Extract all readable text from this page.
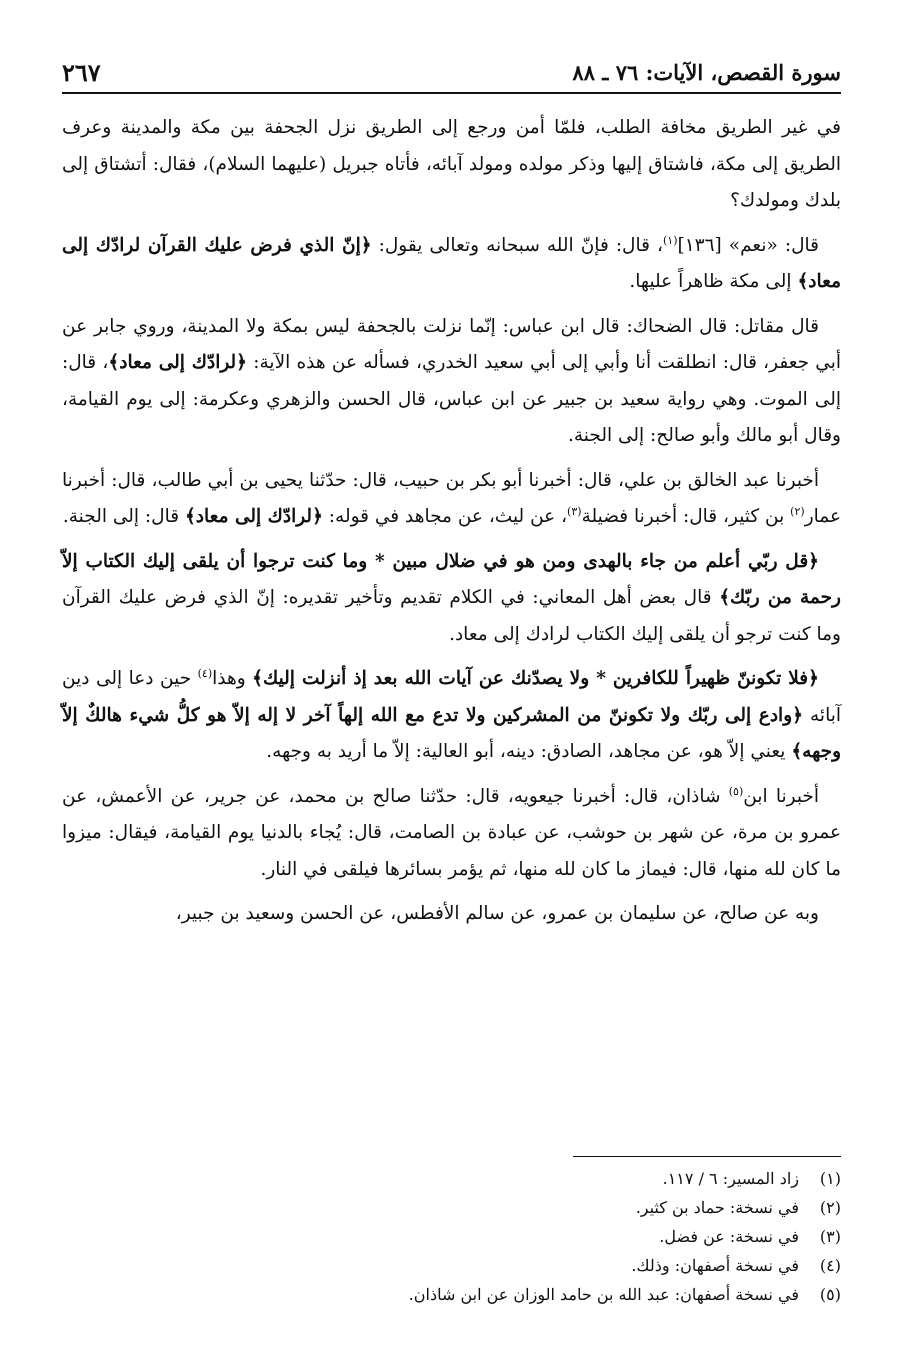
سورة القصص، الآيات: ٧٦ ـ ٨٨
٢٦٧

في غير الطريق مخافة الطلب، فلمّا أمن ورجع إلى الطريق نزل الجحفة بين مكة والمدينة وعرف الطريق إلى مكة، فاشتاق إليها وذكر مولده ومولد آبائه، فأتاه جبريل (عليهما السلام)، فقال: أتشتاق إلى بلدك ومولدك؟

قال: «نعم» [١٣٦]$^{(١)}$، قال: فإنّ الله سبحانه وتعالى يقول: ﴿إنّ الذي فرض عليك القرآن لرادّك إلى معاد﴾ إلى مكة ظاهراً عليها.

قال مقاتل: قال الضحاك: قال ابن عباس: إنّما نزلت بالجحفة ليس بمكة ولا المدينة، وروي جابر عن أبي جعفر، قال: انطلقت أنا وأبي إلى أبي سعيد الخدري، فسأله عن هذه الآية: ﴿لرادّك إلى معاد﴾، قال: إلى الموت. وهي رواية سعيد بن جبير عن ابن عباس، قال الحسن والزهري وعكرمة: إلى يوم القيامة، وقال أبو مالك وأبو صالح: إلى الجنة.

أخبرنا عبد الخالق بن علي، قال: أخبرنا أبو بكر بن حبيب، قال: حدّثنا يحيى بن أبي طالب، قال: أخبرنا عمار$^{(٢)}$ بن كثير، قال: أخبرنا فضيلة$^{(٣)}$، عن ليث، عن مجاهد في قوله: ﴿لرادّك إلى معاد﴾ قال: إلى الجنة.

﴿قل ربّي أعلم من جاء بالهدى ومن هو في ضلال مبين * وما كنت ترجوا أن يلقى إليك الكتاب إلاّ رحمة من ربّك﴾ قال بعض أهل المعاني: في الكلام تقديم وتأخير تقديره: إنّ الذي فرض عليك القرآن وما كنت ترجو أن يلقى إليك الكتاب لرادك إلى معاد.

﴿فلا تكوننّ ظهيراً للكافرين * ولا يصدّنك عن آيات الله بعد إذ أنزلت إليك﴾ وهذا$^{(٤)}$ حين دعا إلى دين آبائه ﴿وادع إلى ربّك ولا تكوننّ من المشركين ولا تدع مع الله إلهاً آخر لا إله إلاّ هو كلُّ شيء هالكٌ إلاّ وجهه﴾ يعني إلاّ هو، عن مجاهد، الصادق: دينه، أبو العالية: إلاّ ما أريد به وجهه.

أخبرنا ابن$^{(٥)}$ شاذان، قال: أخبرنا جيعويه، قال: حدّثنا صالح بن محمد، عن جرير، عن الأعمش، عن عمرو بن مرة، عن شهر بن حوشب، عن عبادة بن الصامت، قال: يُجاء بالدنيا يوم القيامة، فيقال: ميزوا ما كان لله منها، قال: فيماز ما كان لله منها، ثم يؤمر بسائرها فيلقى في النار.

وبه عن صالح، عن سليمان بن عمرو، عن سالم الأفطس، عن الحسن وسعيد بن جبير،

(١)
زاد المسير: ٦ / ١١٧.
(٢)
في نسخة: حماد بن كثير.
(٣)
في نسخة: عن فضل.
(٤)
في نسخة أصفهان: وذلك.
(٥)
في نسخة أصفهان: عبد الله بن حامد الوزان عن ابن شاذان.
